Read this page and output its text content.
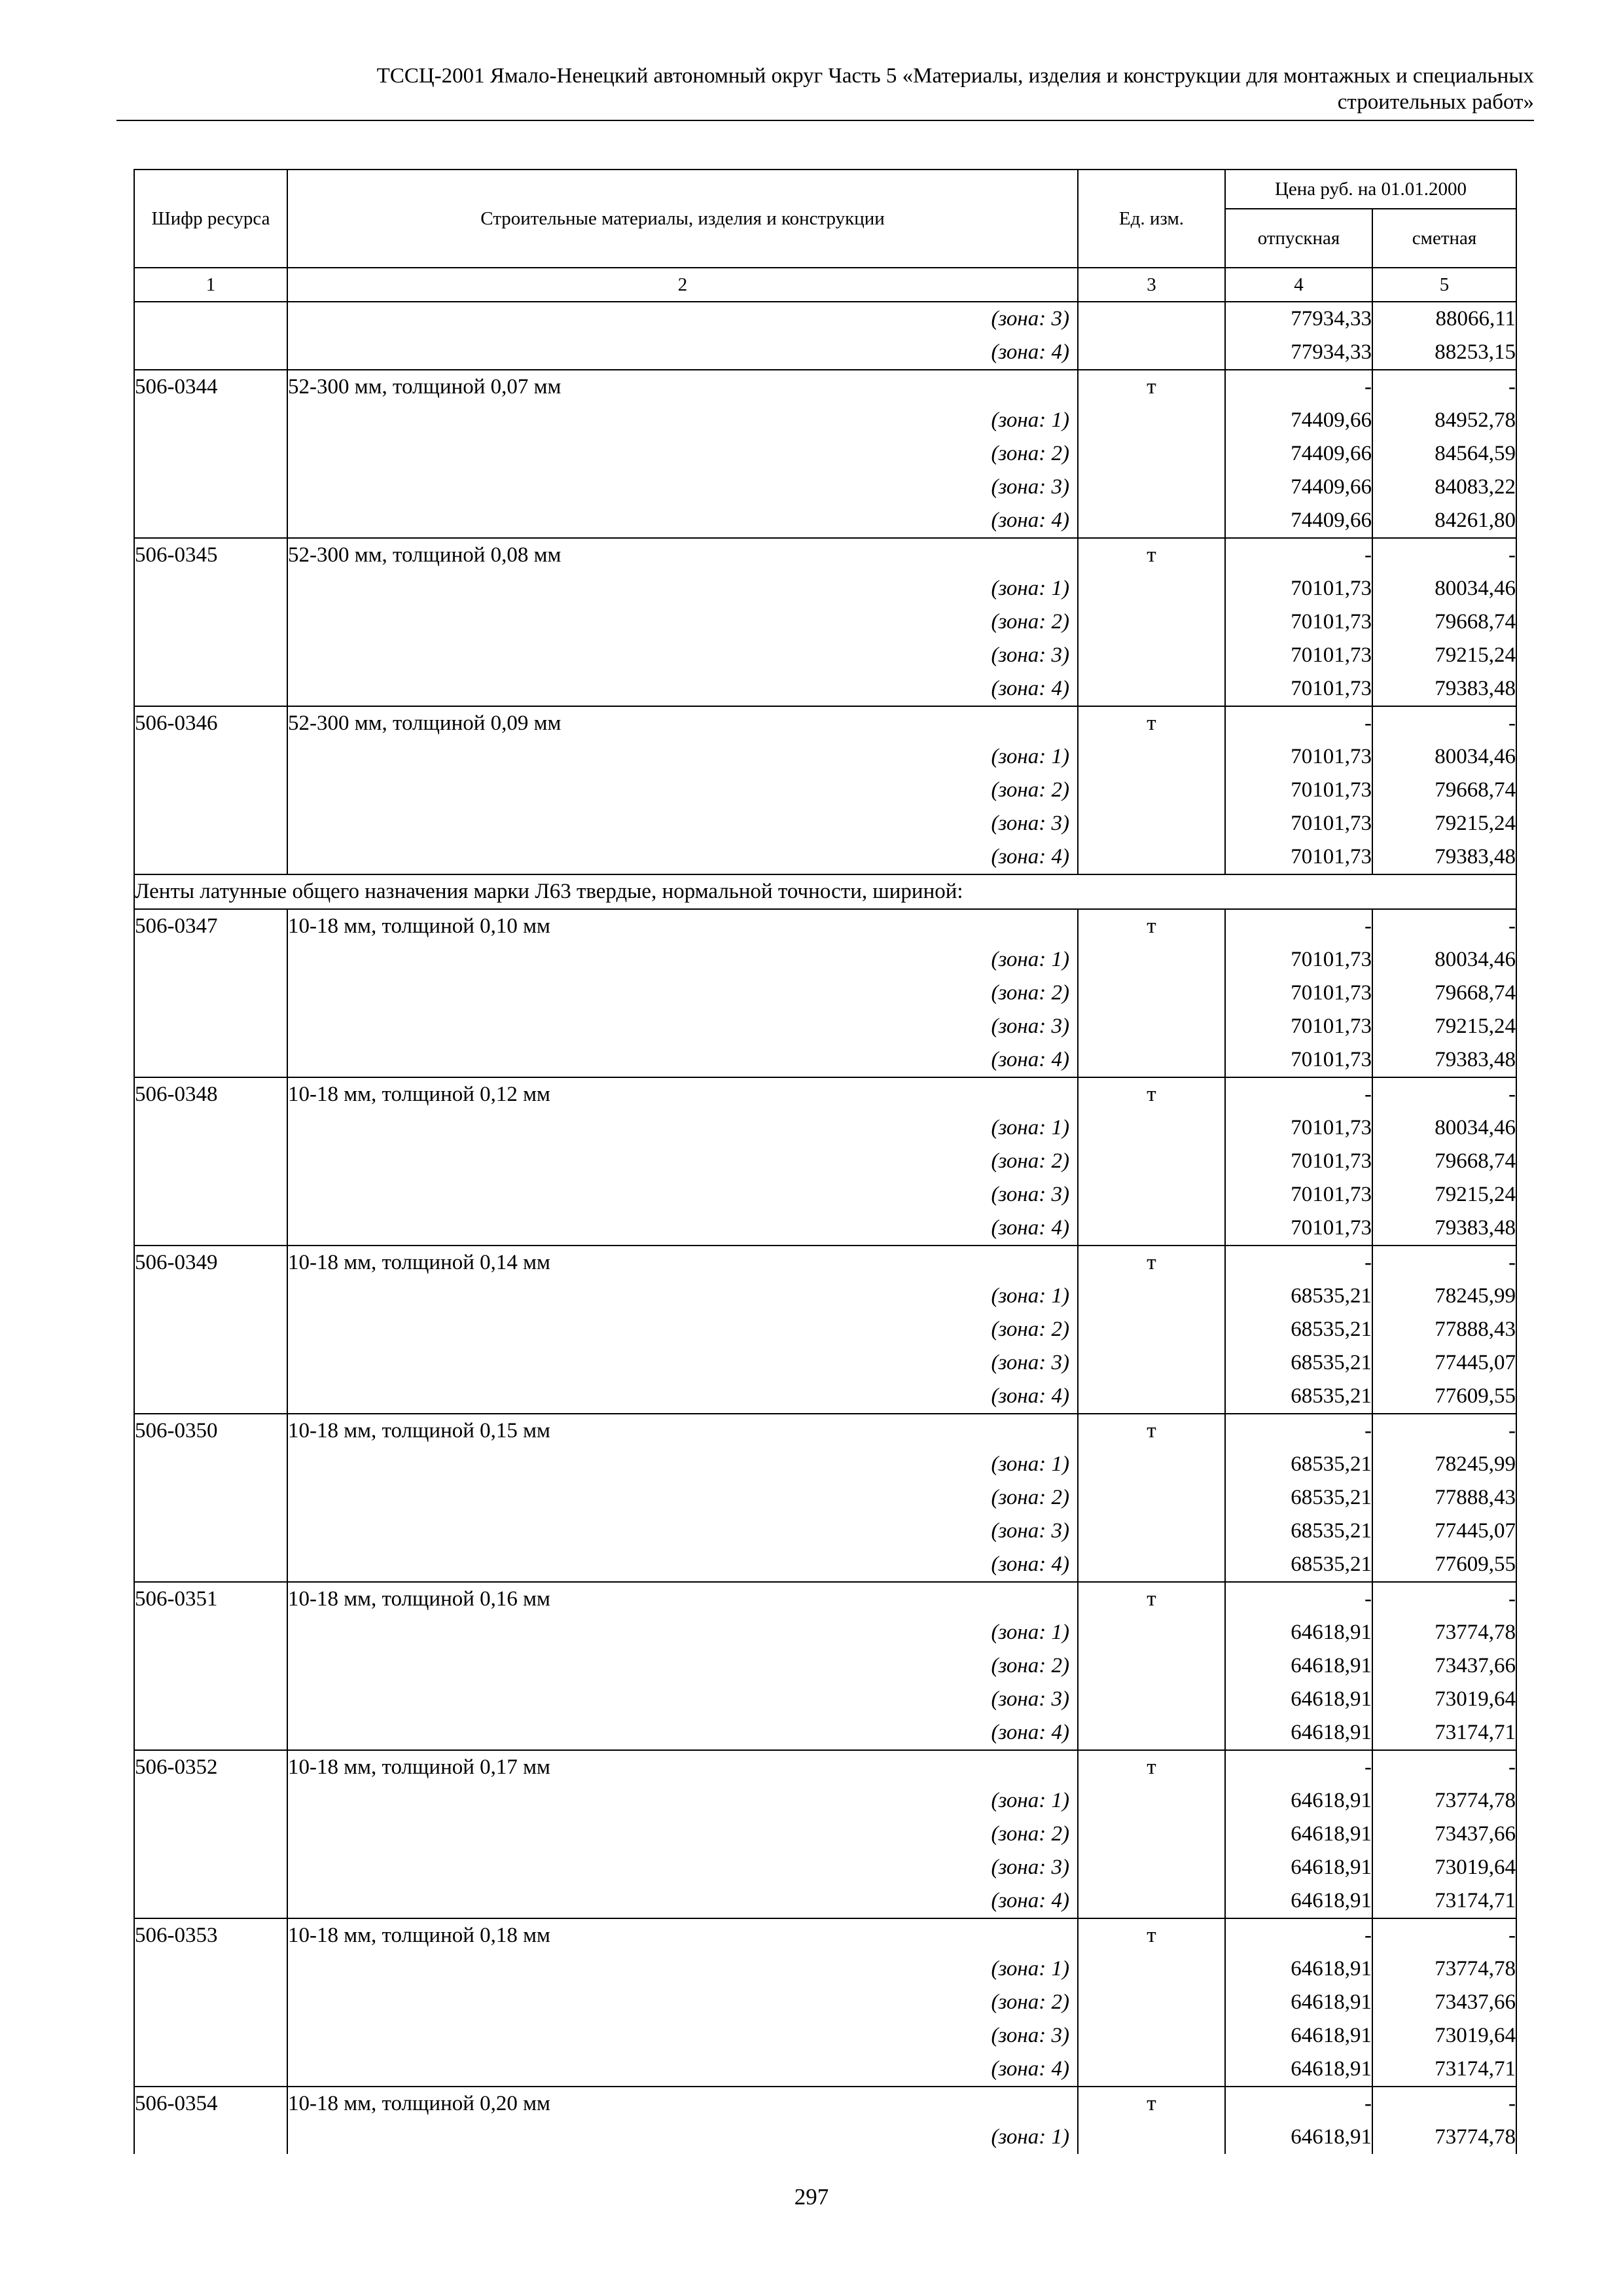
ТССЦ-2001 Ямало-Ненецкий автономный округ Часть 5 «Материалы, изделия и конструкции для монтажных и специальных
строительных работ»
Шифр ресурса	Строительные материалы, изделия и конструкции	Ед. изм.	Цена руб. на 01.01.2000	
			отпускная	сметная
1	2	3	4	5
	(зона: 3)		77934,33	88066,11
	(зона: 4)		77934,33	88253,15
506-0344	52-300 мм, толщиной 0,07 мм	т	-	-
	(зона: 1)		74409,66	84952,78
	(зона: 2)		74409,66	84564,59
	(зона: 3)		74409,66	84083,22
	(зона: 4)		74409,66	84261,80
506-0345	52-300 мм, толщиной 0,08 мм	т	-	-
	(зона: 1)		70101,73	80034,46
	(зона: 2)		70101,73	79668,74
	(зона: 3)		70101,73	79215,24
	(зона: 4)		70101,73	79383,48
506-0346	52-300 мм, толщиной 0,09 мм	т	-	-
	(зона: 1)		70101,73	80034,46
	(зона: 2)		70101,73	79668,74
	(зона: 3)		70101,73	79215,24
	(зона: 4)		70101,73	79383,48
Ленты латунные общего назначения марки Л63 твердые, нормальной точности, шириной:				
506-0347	10-18 мм, толщиной 0,10 мм	т	-	-
	(зона: 1)		70101,73	80034,46
	(зона: 2)		70101,73	79668,74
	(зона: 3)		70101,73	79215,24
	(зона: 4)		70101,73	79383,48
506-0348	10-18 мм, толщиной 0,12 мм	т	-	-
	(зона: 1)		70101,73	80034,46
	(зона: 2)		70101,73	79668,74
	(зона: 3)		70101,73	79215,24
	(зона: 4)		70101,73	79383,48
506-0349	10-18 мм, толщиной 0,14 мм	т	-	-
	(зона: 1)		68535,21	78245,99
	(зона: 2)		68535,21	77888,43
	(зона: 3)		68535,21	77445,07
	(зона: 4)		68535,21	77609,55
506-0350	10-18 мм, толщиной 0,15 мм	т	-	-
	(зона: 1)		68535,21	78245,99
	(зона: 2)		68535,21	77888,43
	(зона: 3)		68535,21	77445,07
	(зона: 4)		68535,21	77609,55
506-0351	10-18 мм, толщиной 0,16 мм	т	-	-
	(зона: 1)		64618,91	73774,78
	(зона: 2)		64618,91	73437,66
	(зона: 3)		64618,91	73019,64
	(зона: 4)		64618,91	73174,71
506-0352	10-18 мм, толщиной 0,17 мм	т	-	-
	(зона: 1)		64618,91	73774,78
	(зона: 2)		64618,91	73437,66
	(зона: 3)		64618,91	73019,64
	(зона: 4)		64618,91	73174,71
506-0353	10-18 мм, толщиной 0,18 мм	т	-	-
	(зона: 1)		64618,91	73774,78
	(зона: 2)		64618,91	73437,66
	(зона: 3)		64618,91	73019,64
	(зона: 4)		64618,91	73174,71
506-0354	10-18 мм, толщиной 0,20 мм	т	-	-
	(зона: 1)		64618,91	73774,78
297
